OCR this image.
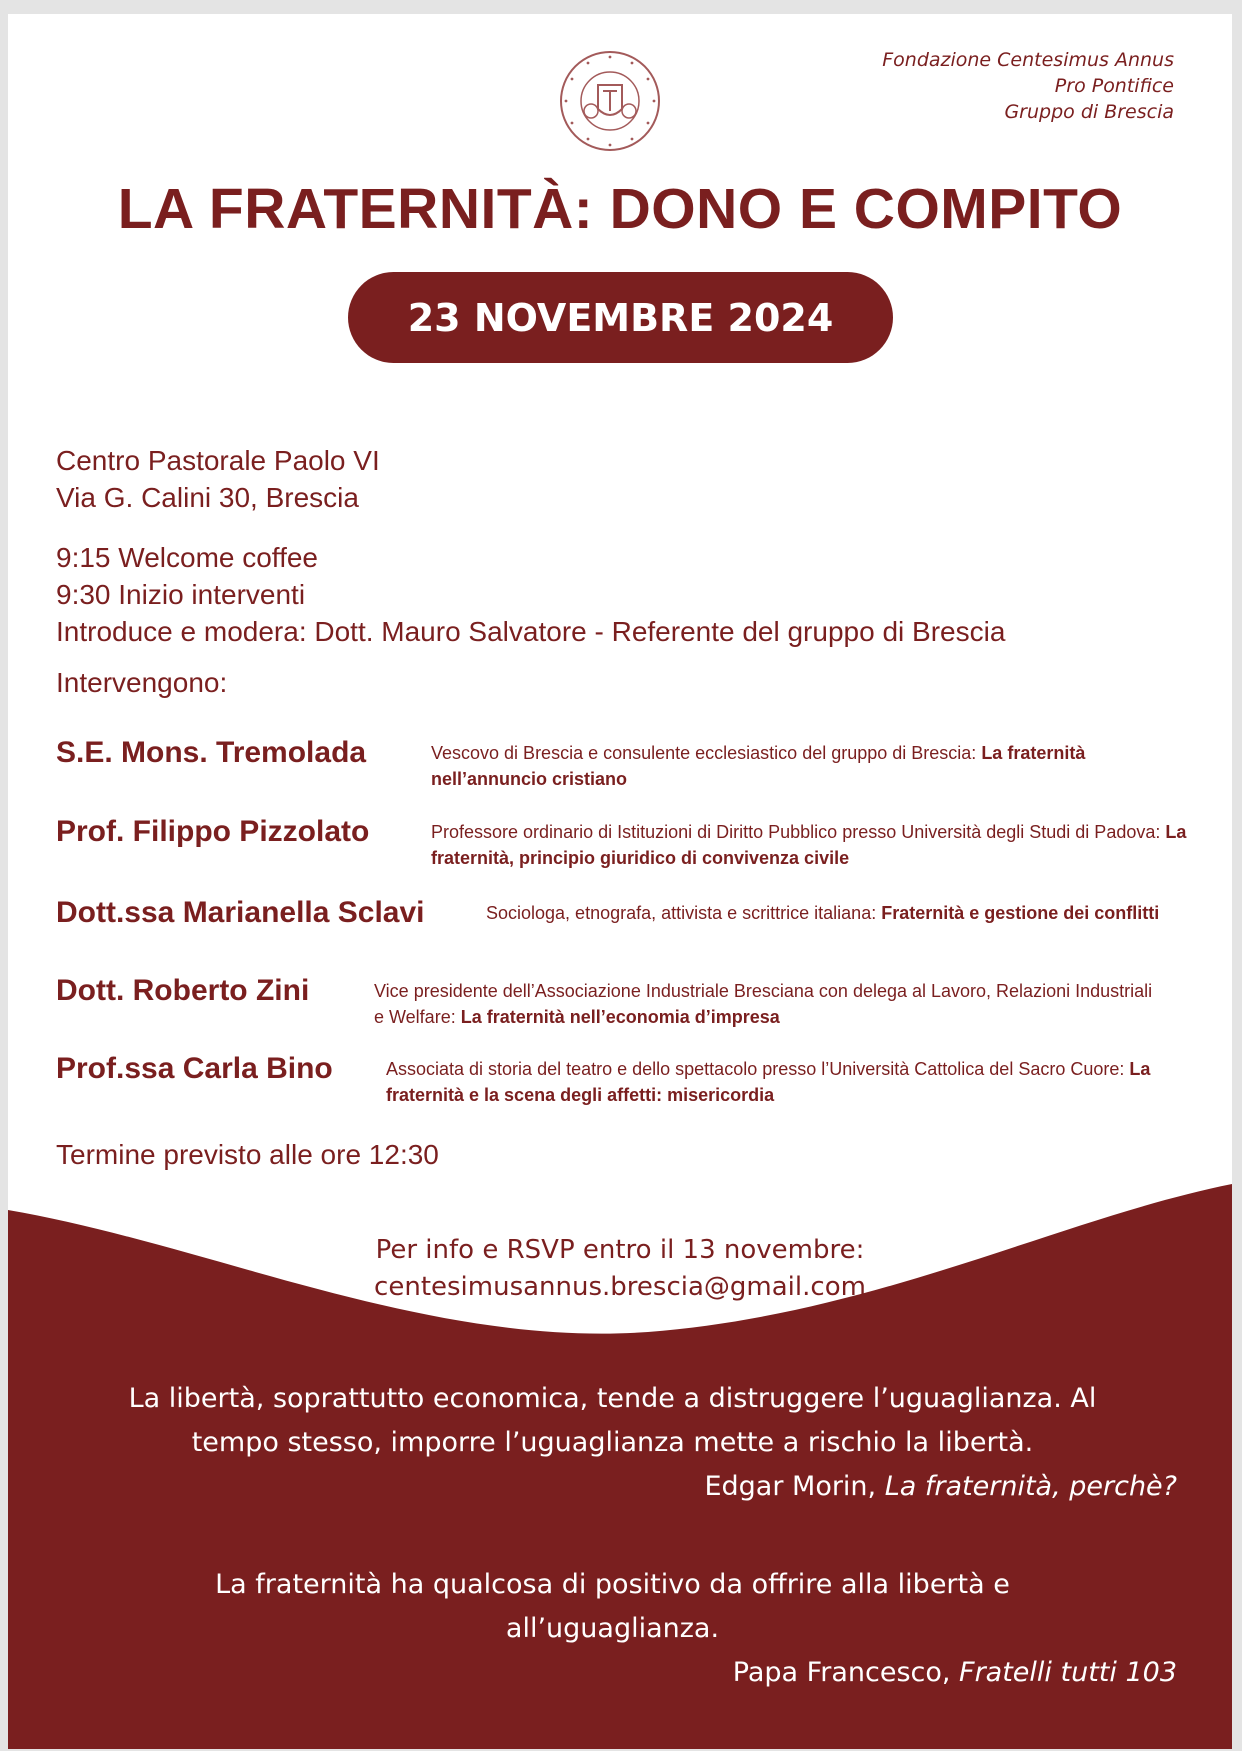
Fondazione Centesimus Annus
Pro Pontifice
Gruppo di Brescia
LA FRATERNITÀ: DONO E COMPITO
23 NOVEMBRE 2024
Centro Pastorale Paolo VI
Via G. Calini 30, Brescia
9:15 Welcome coffee
9:30 Inizio interventi
Introduce e modera: Dott. Mauro Salvatore - Referente del gruppo di Brescia
Intervengono:
S.E. Mons. Tremolada	Vescovo di Brescia e consulente ecclesiastico del gruppo di Brescia: La fraternità nell’annuncio cristiano
Prof. Filippo Pizzolato	Professore ordinario di Istituzioni di Diritto Pubblico presso Università degli Studi di Padova: La fraternità, principio giuridico di convivenza civile
Dott.ssa Marianella Sclavi	Sociologa, etnografa, attivista e scrittrice italiana: Fraternità e gestione dei conflitti
Dott. Roberto Zini	Vice presidente dell’Associazione Industriale Bresciana con delega al Lavoro, Relazioni Industriali e Welfare: La fraternità nell’economia d’impresa
Prof.ssa Carla Bino	Associata di storia del teatro e dello spettacolo presso l’Università Cattolica del Sacro Cuore: La fraternità e la scena degli affetti: misericordia
Termine previsto alle ore 12:30
Per info e RSVP entro il 13 novembre:
centesimusannus.brescia@gmail.com
La libertà, soprattutto economica, tende a distruggere l’uguaglianza. Al
tempo stesso, imporre l’uguaglianza mette a rischio la libertà.
Edgar Morin, La fraternità, perchè?
La fraternità ha qualcosa di positivo da offrire alla libertà e
all’uguaglianza.
Papa Francesco, Fratelli tutti 103
